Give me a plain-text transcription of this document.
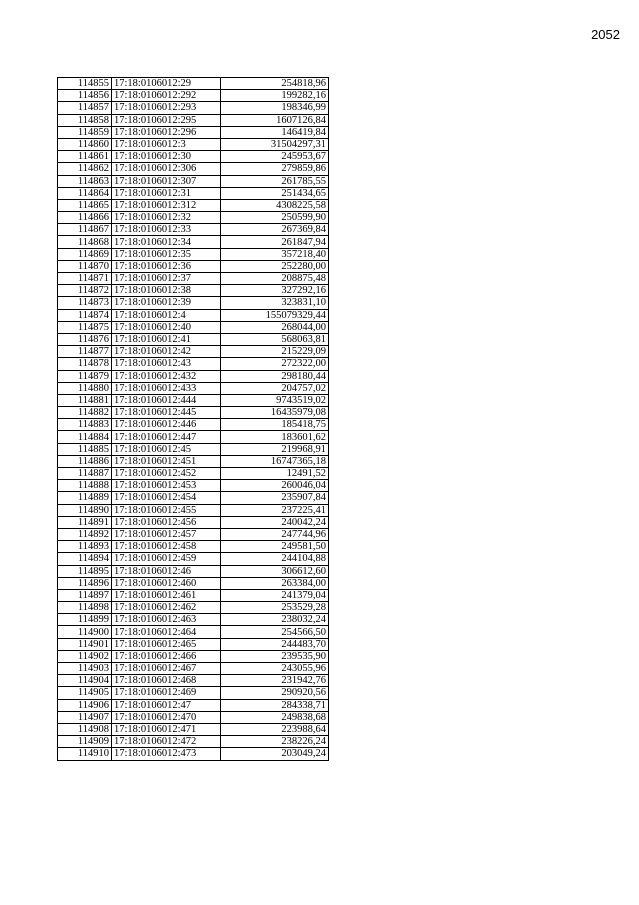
2052
114855	17:18:0106012:29	254818,96
114856	17:18:0106012:292	199282,16
114857	17:18:0106012:293	198346,99
114858	17:18:0106012:295	1607126,84
114859	17:18:0106012:296	146419,84
114860	17:18:0106012:3	31504297,31
114861	17:18:0106012:30	245953,67
114862	17:18:0106012:306	279859,86
114863	17:18:0106012:307	261785,55
114864	17:18:0106012:31	251434,65
114865	17:18:0106012:312	4308225,58
114866	17:18:0106012:32	250599,90
114867	17:18:0106012:33	267369,84
114868	17:18:0106012:34	261847,94
114869	17:18:0106012:35	357218,40
114870	17:18:0106012:36	252280,00
114871	17:18:0106012:37	208875,48
114872	17:18:0106012:38	327292,16
114873	17:18:0106012:39	323831,10
114874	17:18:0106012:4	155079329,44
114875	17:18:0106012:40	268044,00
114876	17:18:0106012:41	568063,81
114877	17:18:0106012:42	215229,09
114878	17:18:0106012:43	272322,00
114879	17:18:0106012:432	298180,44
114880	17:18:0106012:433	204757,02
114881	17:18:0106012:444	9743519,02
114882	17:18:0106012:445	16435979,08
114883	17:18:0106012:446	185418,75
114884	17:18:0106012:447	183601,62
114885	17:18:0106012:45	219968,91
114886	17:18:0106012:451	16747365,18
114887	17:18:0106012:452	12491,52
114888	17:18:0106012:453	260046,04
114889	17:18:0106012:454	235907,84
114890	17:18:0106012:455	237225,41
114891	17:18:0106012:456	240042,24
114892	17:18:0106012:457	247744,96
114893	17:18:0106012:458	249581,50
114894	17:18:0106012:459	244104,88
114895	17:18:0106012:46	306612,60
114896	17:18:0106012:460	263384,00
114897	17:18:0106012:461	241379,04
114898	17:18:0106012:462	253529,28
114899	17:18:0106012:463	238032,24
114900	17:18:0106012:464	254566,50
114901	17:18:0106012:465	244483,70
114902	17:18:0106012:466	239535,90
114903	17:18:0106012:467	243055,96
114904	17:18:0106012:468	231942,76
114905	17:18:0106012:469	290920,56
114906	17:18:0106012:47	284338,71
114907	17:18:0106012:470	249838,68
114908	17:18:0106012:471	223988,64
114909	17:18:0106012:472	238226,24
114910	17:18:0106012:473	203049,24
